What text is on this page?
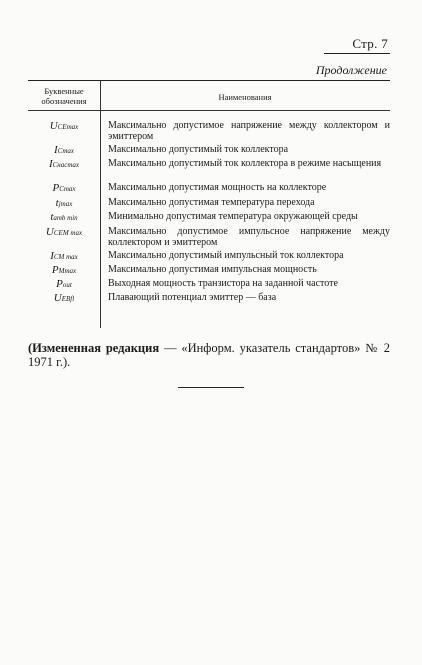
Стр. 7
Продолжение
Буквенные обозначения	Наименования
UCEmax	Максимально допустимое напряжение между коллектором и эмиттером
ICmax	Максимально допустимый ток коллектора
ICнасmax	Максимально допустимый ток коллектора в режиме насыщения
PCmax	Максимально допустимая мощность на коллекторе
tjmax	Максимально допустимая температура перехода
tamb min	Минимально допустимая температура окружающей среды
UCEМ max	Максимально допустимое импульсное напряжение между коллектором и эмиттером
ICМ max	Максимально допустимый импульсный ток коллектора
PМmax	Максимально допустимая импульсная мощность
Pout	Выходная мощность транзистора на заданной частоте
UEBfl	Плавающий потенциал эмиттер — база
(Измененная редакция — «Информ. указатель стандартов» № 2 1971 г.).
